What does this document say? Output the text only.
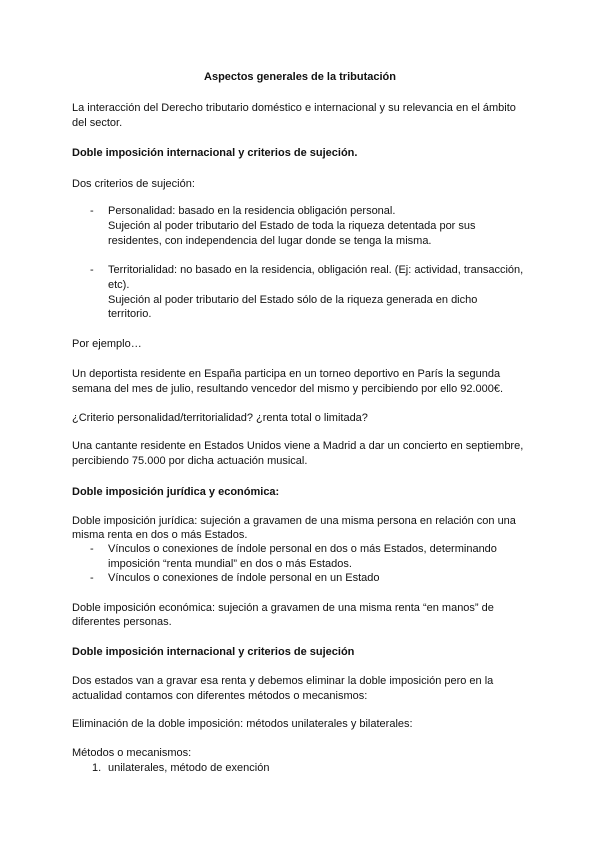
Aspectos generales de la tributación
La interacción del Derecho tributario doméstico e internacional y su relevancia en el ámbito
del sector.
Doble imposición internacional y criterios de sujeción.
Dos criterios de sujeción:
- Personalidad: basado en la residencia obligación personal.
Sujeción al poder tributario del Estado de toda la riqueza detentada por sus
residentes, con independencia del lugar donde se tenga la misma.
- Territorialidad: no basado en la residencia, obligación real. (Ej: actividad, transacción,
etc).
Sujeción al poder tributario del Estado sólo de la riqueza generada en dicho
territorio.
Por ejemplo…
Un deportista residente en España participa en un torneo deportivo en París la segunda
semana del mes de julio, resultando vencedor del mismo y percibiendo por ello 92.000€.
¿Criterio personalidad/territorialidad? ¿renta total o limitada?
Una cantante residente en Estados Unidos viene a Madrid a dar un concierto en septiembre,
percibiendo 75.000 por dicha actuación musical.
Doble imposición jurídica y económica:
Doble imposición jurídica: sujeción a gravamen de una misma persona en relación con una
misma renta en dos o más Estados.
- Vínculos o conexiones de índole personal en dos o más Estados, determinando
imposición “renta mundial” en dos o más Estados.
- Vínculos o conexiones de índole personal en un Estado
Doble imposición económica: sujeción a gravamen de una misma renta “en manos” de
diferentes personas.
Doble imposición internacional y criterios de sujeción
Dos estados van a gravar esa renta y debemos eliminar la doble imposición pero en la
actualidad contamos con diferentes métodos o mecanismos:
Eliminación de la doble imposición: métodos unilaterales y bilaterales:
Métodos o mecanismos:
1. unilaterales, método de exención
